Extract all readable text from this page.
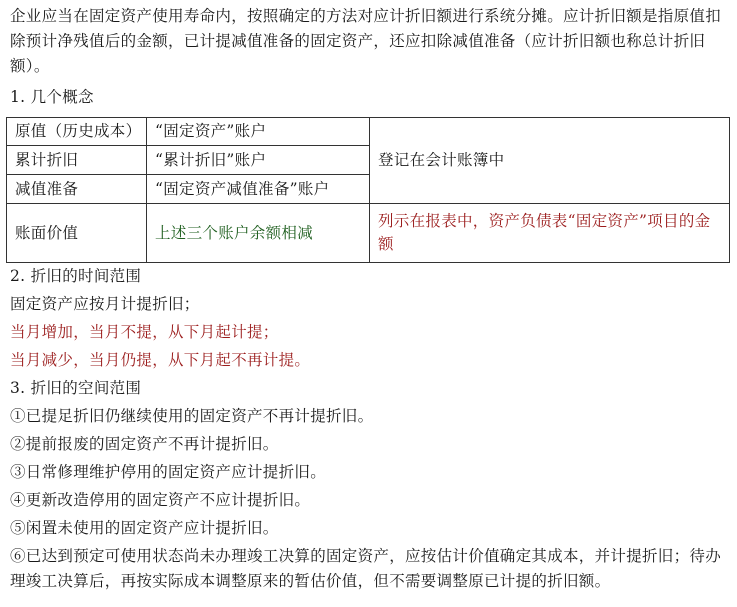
企业应当在固定资产使用寿命内，按照确定的方法对应计折旧额进行系统分摊。应计折旧额是指原值扣除预计净残值后的金额，已计提减值准备的固定资产，还应扣除减值准备（应计折旧额也称总计折旧额）。
1. 几个概念
原值（历史成本）	“固定资产”账户	登记在会计账簿中
累计折旧	“累计折旧”账户	
减值准备	“固定资产减值准备”账户	
账面价值	上述三个账户余额相减	列示在报表中，资产负债表“固定资产”项目的金额
2. 折旧的时间范围
固定资产应按月计提折旧；
当月增加，当月不提，从下月起计提；
当月减少，当月仍提，从下月起不再计提。
3. 折旧的空间范围
①已提足折旧仍继续使用的固定资产不再计提折旧。
②提前报废的固定资产不再计提折旧。
③日常修理维护停用的固定资产应计提折旧。
④更新改造停用的固定资产不应计提折旧。
⑤闲置未使用的固定资产应计提折旧。
⑥已达到预定可使用状态尚未办理竣工决算的固定资产，应按估计价值确定其成本，并计提折旧；待办理竣工决算后，再按实际成本调整原来的暂估价值，但不需要调整原已计提的折旧额。
